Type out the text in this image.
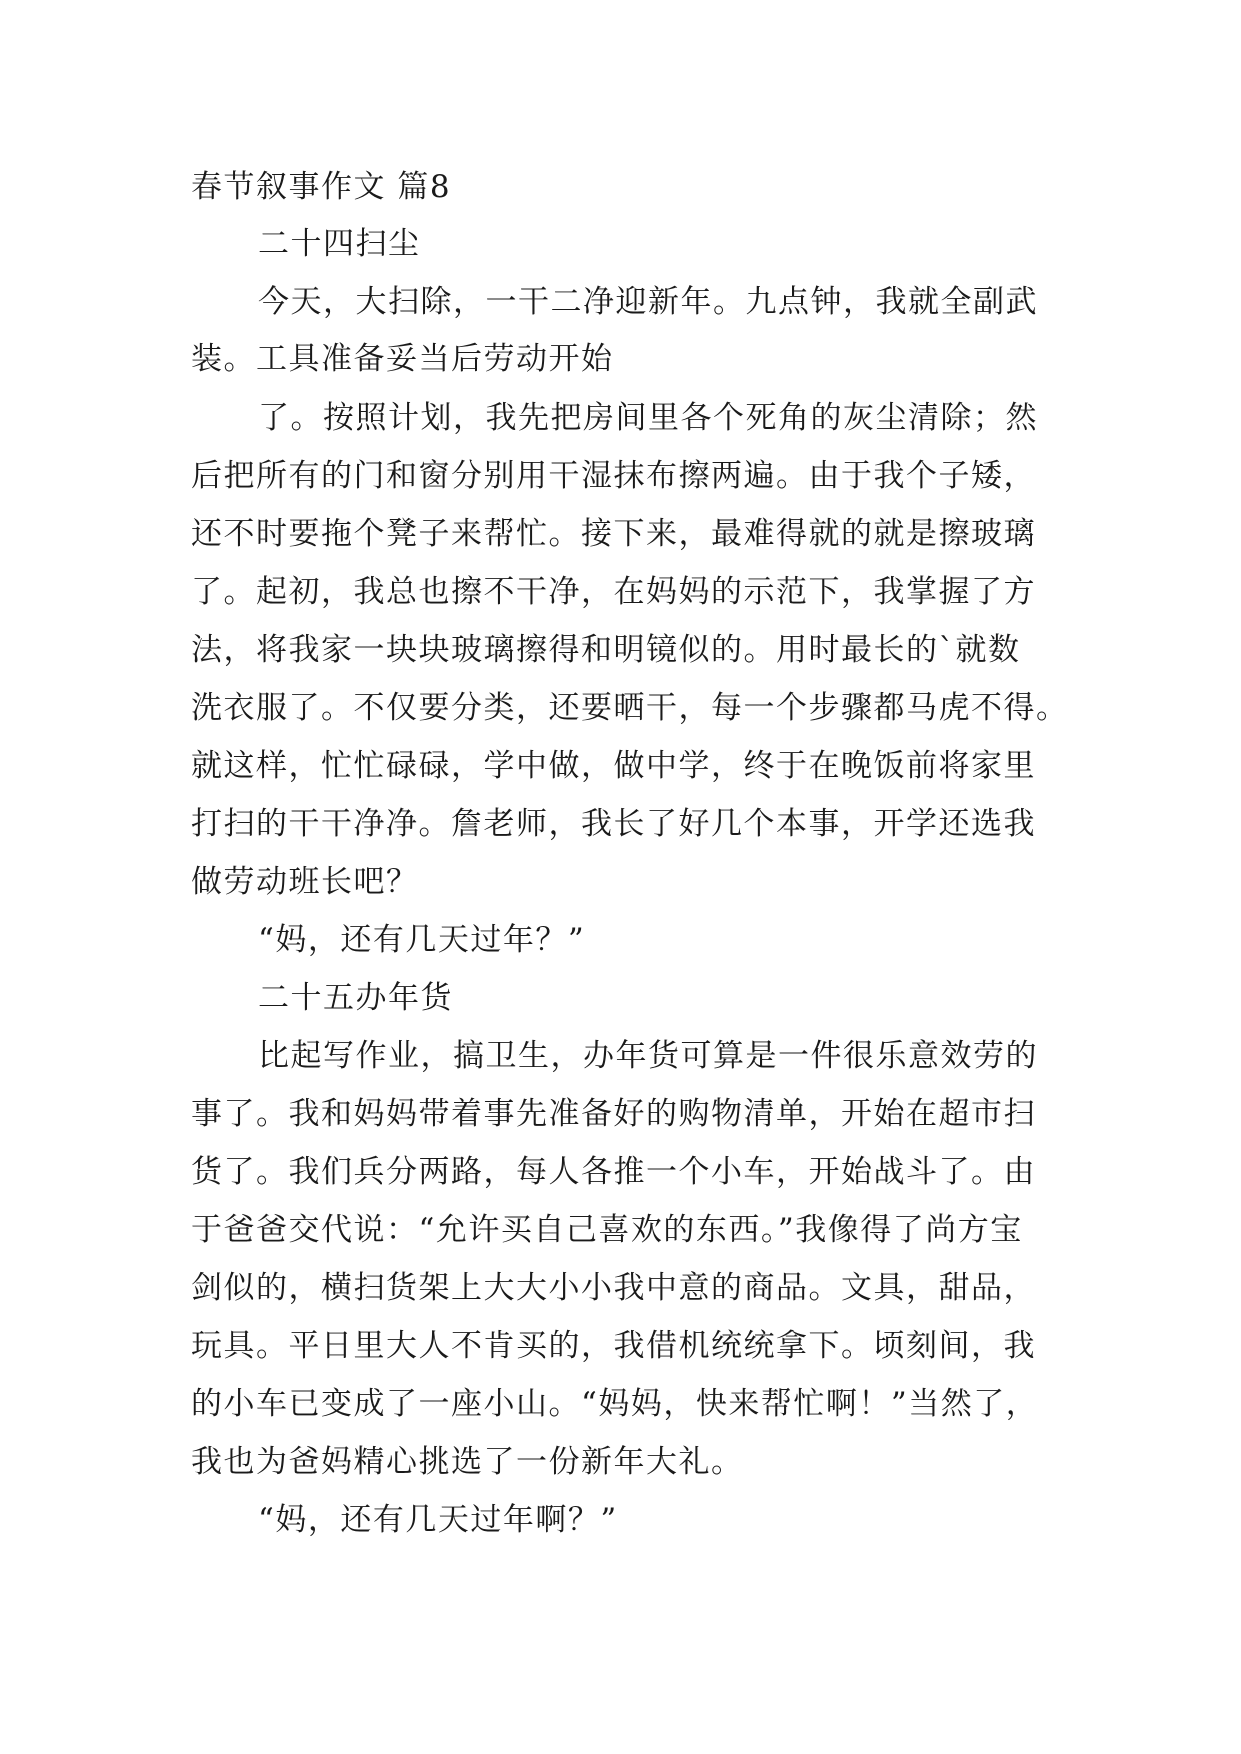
春节叙事作文 篇8
二十四扫尘
今天，大扫除，一干二净迎新年。九点钟，我就全副武
装。工具准备妥当后劳动开始
了。按照计划，我先把房间里各个死角的灰尘清除；然
后把所有的门和窗分别用干湿抹布擦两遍。由于我个子矮，
还不时要拖个凳子来帮忙。接下来，最难得就的就是擦玻璃
了。起初，我总也擦不干净，在妈妈的示范下，我掌握了方
法，将我家一块块玻璃擦得和明镜似的。用时最长的`就数
洗衣服了。不仅要分类，还要晒干，每一个步骤都马虎不得。
就这样，忙忙碌碌，学中做，做中学，终于在晚饭前将家里
打扫的干干净净。詹老师，我长了好几个本事，开学还选我
做劳动班长吧？
“妈，还有几天过年？”
二十五办年货
比起写作业，搞卫生，办年货可算是一件很乐意效劳的
事了。我和妈妈带着事先准备好的购物清单，开始在超市扫
货了。我们兵分两路，每人各推一个小车，开始战斗了。由
于爸爸交代说：“允许买自己喜欢的东西。”我像得了尚方宝
剑似的，横扫货架上大大小小我中意的商品。文具，甜品，
玩具。平日里大人不肯买的，我借机统统拿下。顷刻间，我
的小车已变成了一座小山。“妈妈，快来帮忙啊！”当然了，
我也为爸妈精心挑选了一份新年大礼。
“妈，还有几天过年啊？”
